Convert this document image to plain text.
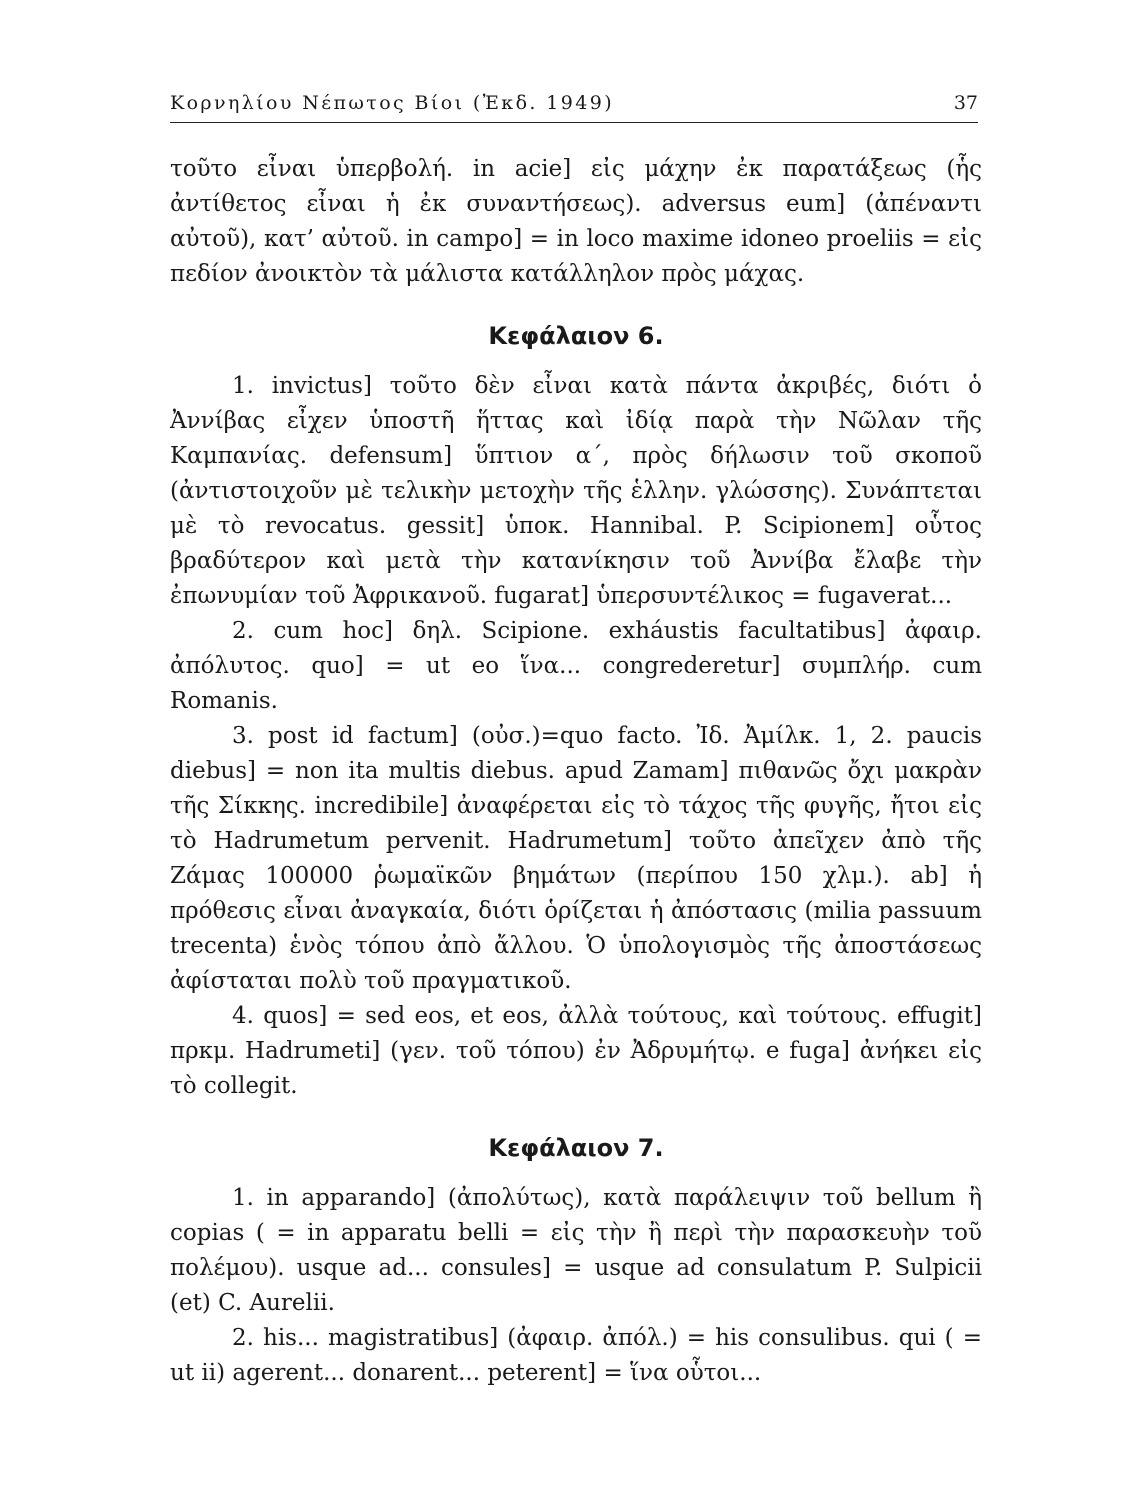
Κορνηλίου Νέπωτος Βίοι (Ἐκδ. 1949)	37

τοῦτο εἶναι ὑπερβολή. in acie] εἰς μάχην ἐκ παρατάξεως (ἧς ἀντίθετος εἶναι ἡ ἐκ συναντήσεως). adversus eum] (ἀπέναντι αὐτοῦ), κατ’ αὐτοῦ. in campo] = in loco maxime idoneo proeliis = εἰς πεδίον ἀνοικτὸν τὰ μάλιστα κατάλληλον πρὸς μάχας.

Κεφάλαιον 6.

1. invictus] τοῦτο δὲν εἶναι κατὰ πάντα ἀκριβές, διότι ὁ Ἀννίβας εἶχεν ὑποστῆ ἥττας καὶ ἰδίᾳ παρὰ τὴν Νῶλαν τῆς Καμπανίας. defensum] ὕπτιον α΄, πρὸς δήλωσιν τοῦ σκοποῦ (ἀντιστοιχοῦν μὲ τελικὴν μετοχὴν τῆς ἑλλην. γλώσσης). Συνάπτεται μὲ τὸ revocatus. gessit] ὑποκ. Hannibal. P. Scipionem] οὗτος βραδύτερον καὶ μετὰ τὴν κατανίκησιν τοῦ Ἀννίβα ἔλαβε τὴν ἐπωνυμίαν τοῦ Ἀφρικανοῦ. fugarat] ὑπερσυντέλικος = fugaverat...

2. cum hoc] δηλ. Scipione. exháustis facultatibus] ἀφαιρ. ἀπόλυτος. quo] = ut eo ἵνα... congrederetur] συμπλήρ. cum Romanis.

3. post id factum] (οὐσ.)=quo facto. Ἰδ. Ἀμίλκ. 1, 2. paucis diebus] = non ita multis diebus. apud Zamam] πιθανῶς ὄχι μακρὰν τῆς Σίκκης. incredibile] ἀναφέρεται εἰς τὸ τάχος τῆς φυγῆς, ἤτοι εἰς τὸ Hadrumetum pervenit. Hadrumetum] τοῦτο ἀπεῖχεν ἀπὸ τῆς Ζάμας 100000 ῥωμαϊκῶν βημάτων (περίπου 150 χλμ.). ab] ἡ πρόθεσις εἶναι ἀναγκαία, διότι ὁρίζεται ἡ ἀπόστασις (milia passuum trecenta) ἑνὸς τόπου ἀπὸ ἄλλου. Ὁ ὑπολογισμὸς τῆς ἀποστάσεως ἀφίσταται πολὺ τοῦ πραγματικοῦ.

4. quos] = sed eos, et eos, ἀλλὰ τούτους, καὶ τούτους. effugit] πρκμ. Hadrumeti] (γεν. τοῦ τόπου) ἐν Ἀδρυμήτῳ. e fuga] ἀνήκει εἰς τὸ collegit.

Κεφάλαιον 7.

1. in apparando] (ἀπολύτως), κατὰ παράλειψιν τοῦ bellum ἢ copias ( = in apparatu belli = εἰς τὴν ἢ περὶ τὴν παρασκευὴν τοῦ πολέμου). usque ad... consules] = usque ad consulatum P. Sulpicii (et) C. Aurelii.

2. his... magistratibus] (ἀφαιρ. ἀπόλ.) = his consulibus. qui ( = ut ii) agerent... donarent... peterent] = ἵνα οὗτοι...
